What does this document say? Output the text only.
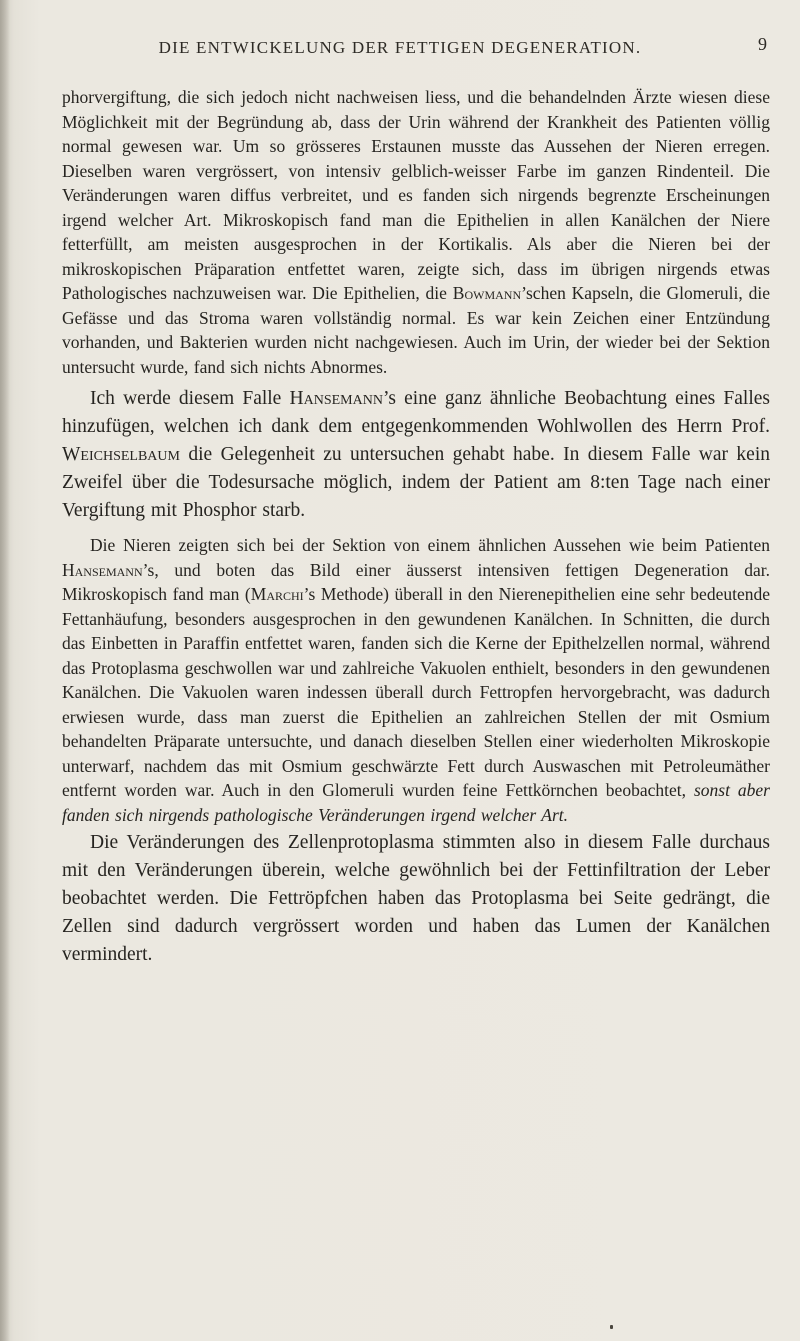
DIE ENTWICKELUNG DER FETTIGEN DEGENERATION.	9

phorvergiftung, die sich jedoch nicht nachweisen liess, und die behandelnden Ärzte wiesen diese Möglichkeit mit der Begründung ab, dass der Urin während der Krankheit des Patienten völlig normal gewesen war. Um so grösseres Erstaunen musste das Aussehen der Nieren erregen. Dieselben waren vergrössert, von intensiv gelblich-weisser Farbe im ganzen Rindenteil. Die Veränderungen waren diffus verbreitet, und es fanden sich nirgends begrenzte Erscheinungen irgend welcher Art. Mikroskopisch fand man die Epithelien in allen Kanälchen der Niere fetterfüllt, am meisten ausgesprochen in der Kortikalis. Als aber die Nieren bei der mikroskopischen Präparation entfettet waren, zeigte sich, dass im übrigen nirgends etwas Pathologisches nachzuweisen war. Die Epithelien, die Bowmann’schen Kapseln, die Glomeruli, die Gefässe und das Stroma waren vollständig normal. Es war kein Zeichen einer Entzündung vorhanden, und Bakterien wurden nicht nachgewiesen. Auch im Urin, der wieder bei der Sektion untersucht wurde, fand sich nichts Abnormes.

Ich werde diesem Falle Hansemann’s eine ganz ähnliche Beobachtung eines Falles hinzufügen, welchen ich dank dem entgegenkommenden Wohlwollen des Herrn Prof. Weichselbaum die Gelegenheit zu untersuchen gehabt habe. In diesem Falle war kein Zweifel über die Todesursache möglich, indem der Patient am 8:ten Tage nach einer Vergiftung mit Phosphor starb.

Die Nieren zeigten sich bei der Sektion von einem ähnlichen Aussehen wie beim Patienten Hansemann’s, und boten das Bild einer äusserst intensiven fettigen Degeneration dar. Mikroskopisch fand man (Marchi’s Methode) überall in den Nierenepithelien eine sehr bedeutende Fettanhäufung, besonders ausgesprochen in den gewundenen Kanälchen. In Schnitten, die durch das Einbetten in Paraffin entfettet waren, fanden sich die Kerne der Epithelzellen normal, während das Protoplasma geschwollen war und zahlreiche Vakuolen enthielt, besonders in den gewundenen Kanälchen. Die Vakuolen waren indessen überall durch Fettropfen hervorgebracht, was dadurch erwiesen wurde, dass man zuerst die Epithelien an zahlreichen Stellen der mit Osmium behandelten Präparate untersuchte, und danach dieselben Stellen einer wiederholten Mikroskopie unterwarf, nachdem das mit Osmium geschwärzte Fett durch Auswaschen mit Petroleumäther entfernt worden war. Auch in den Glomeruli wurden feine Fettkörnchen beobachtet, sonst aber fanden sich nirgends pathologische Veränderungen irgend welcher Art.

Die Veränderungen des Zellenprotoplasma stimmten also in diesem Falle durchaus mit den Veränderungen überein, welche gewöhnlich bei der Fettinfiltration der Leber beobachtet werden. Die Fettröpfchen haben das Protoplasma bei Seite gedrängt, die Zellen sind dadurch vergrössert worden und haben das Lumen der Kanälchen vermindert.
